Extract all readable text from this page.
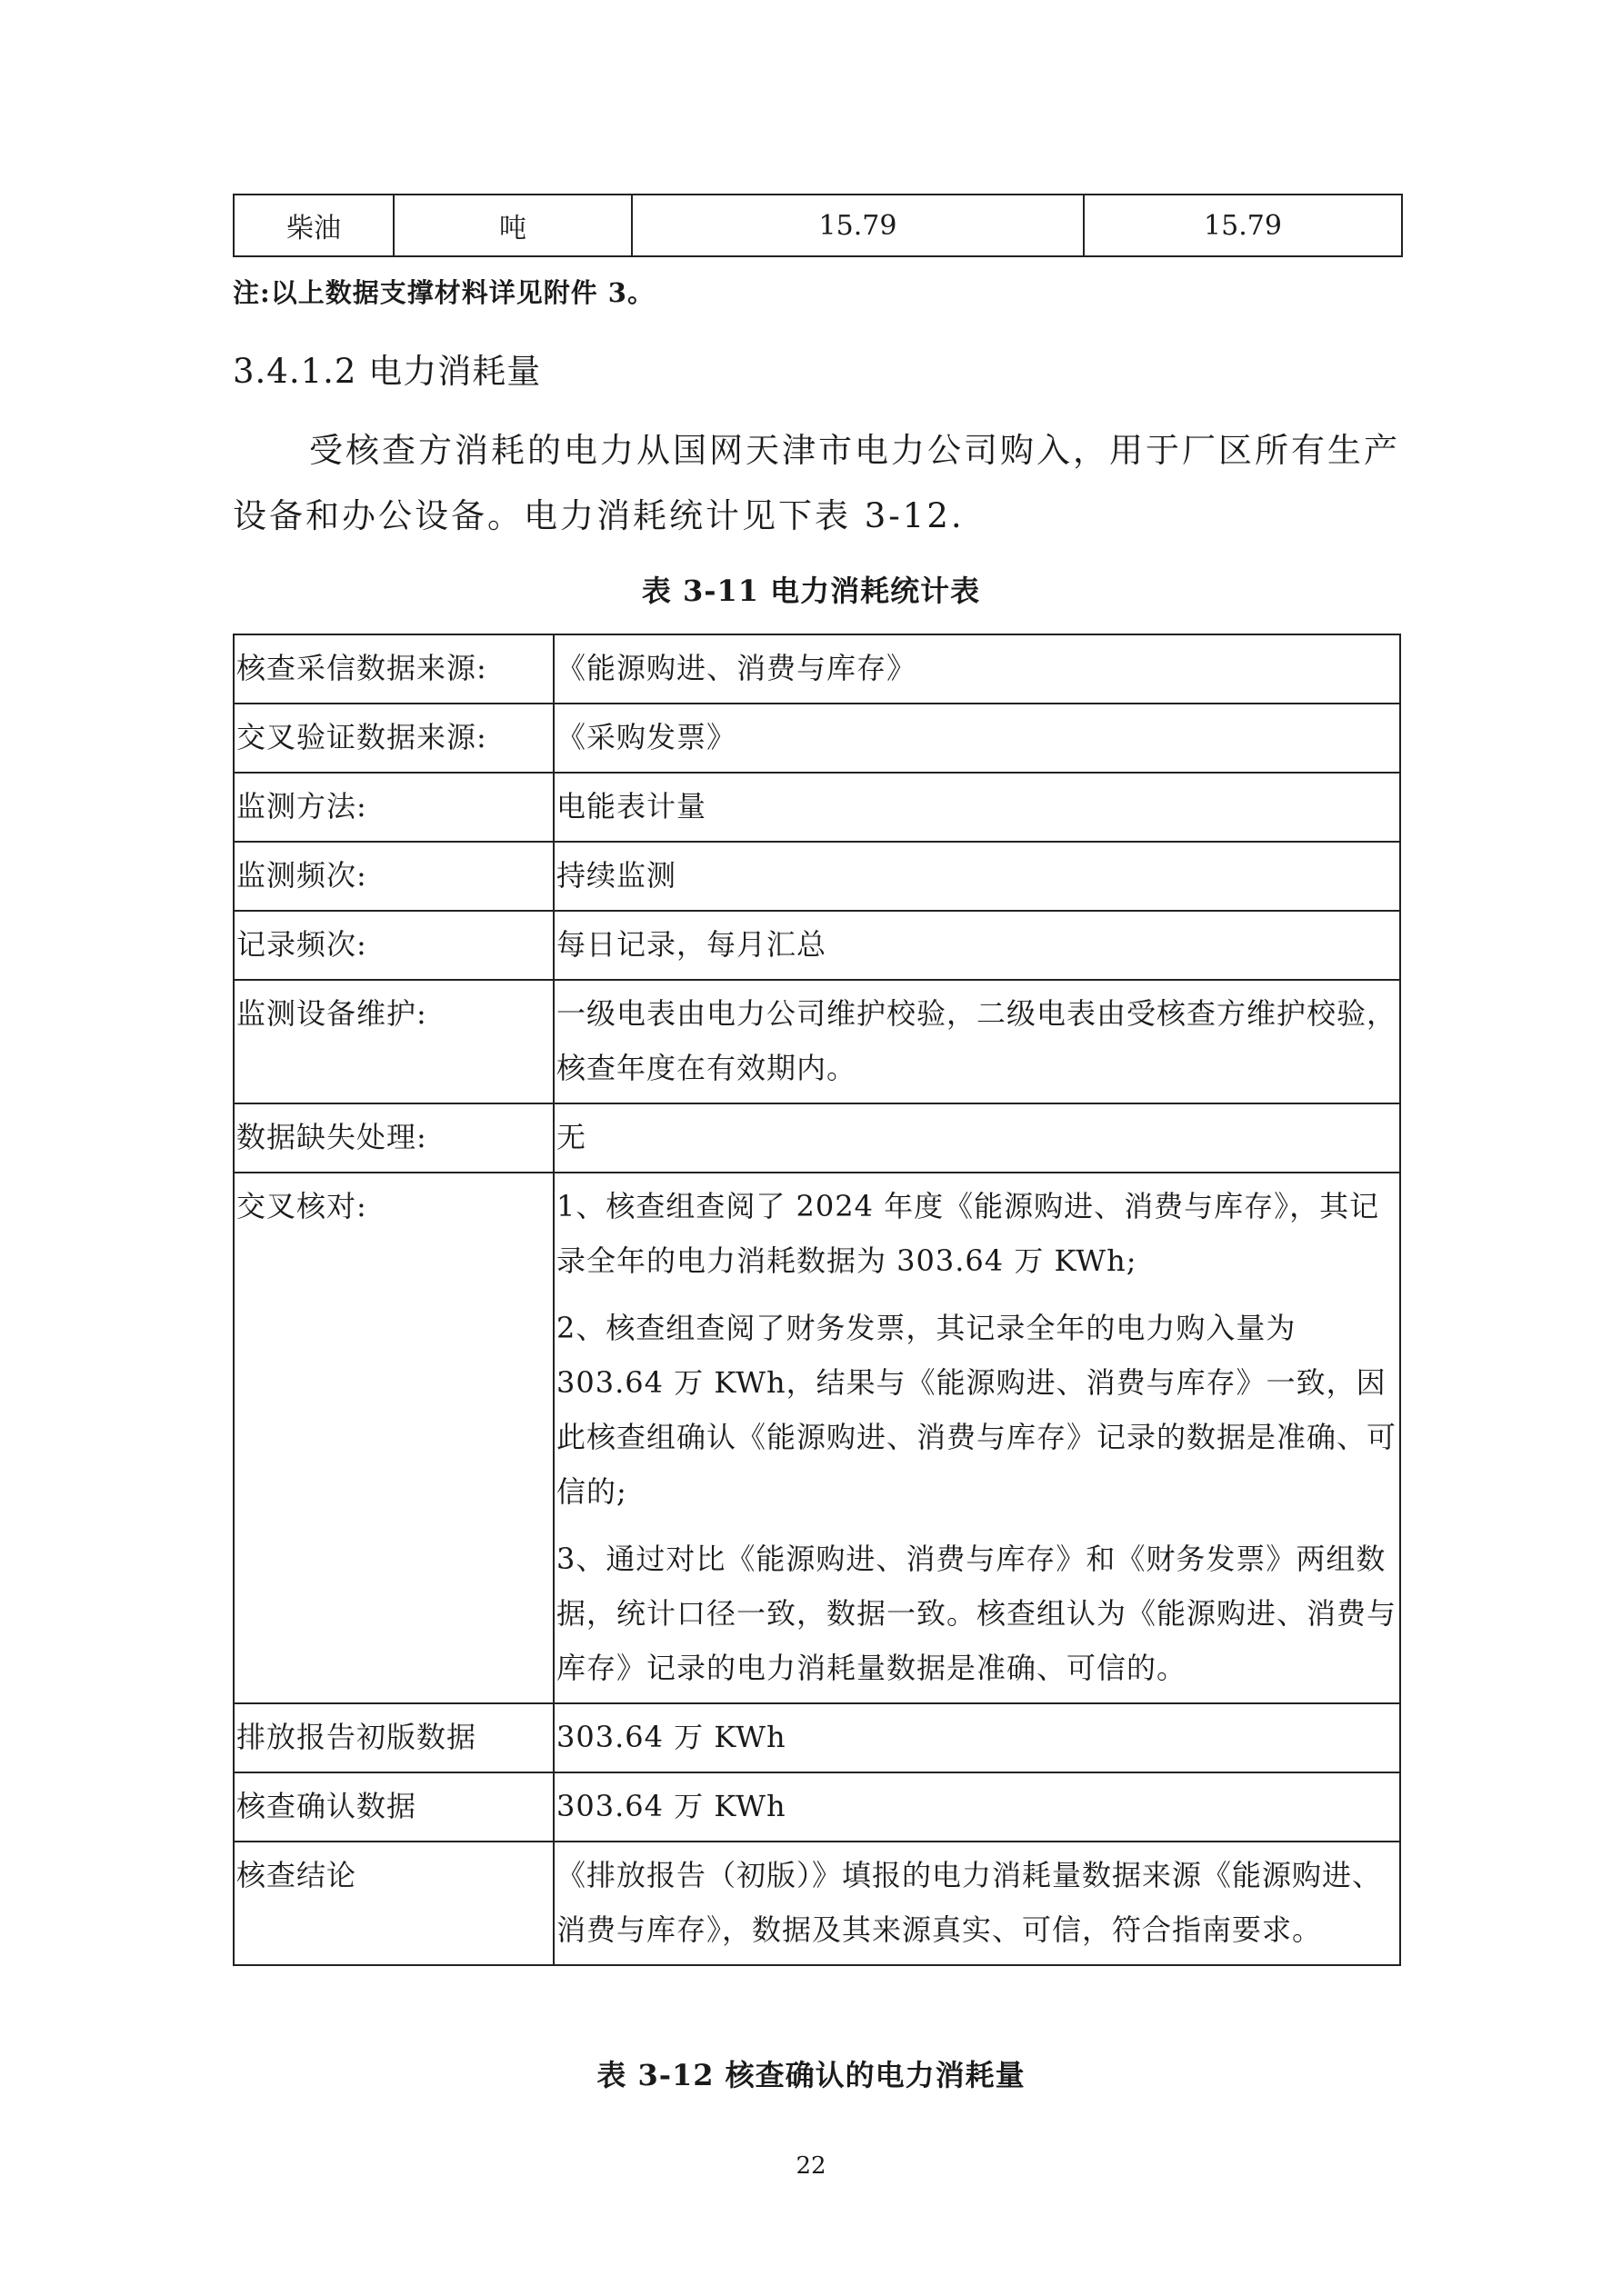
柴油	吨	15.79	15.79
注:以上数据支撑材料详见附件 3。
3.4.1.2 电力消耗量

受核查方消耗的电力从国网天津市电力公司购入，用于厂区所有生产设备和办公设备。电力消耗统计见下表 3-12.

表 3-11 电力消耗统计表
核查采信数据来源:	《能源购进、消费与库存》
交叉验证数据来源:	《采购发票》
监测方法:	电能表计量
监测频次:	持续监测
记录频次:	每日记录，每月汇总
监测设备维护:	一级电表由电力公司维护校验，二级电表由受核查方维护校验，核查年度在有效期内。
数据缺失处理:	无
交叉核对:	1、核查组查阅了 2024 年度《能源购进、消费与库存》，其记录全年的电力消耗数据为 303.64 万 KWh;

2、核查组查阅了财务发票，其记录全年的电力购入量为 303.64 万 KWh，结果与《能源购进、消费与库存》一致，因此核查组确认《能源购进、消费与库存》记录的数据是准确、可信的;

3、通过对比《能源购进、消费与库存》和《财务发票》两组数据，统计口径一致，数据一致。核查组认为《能源购进、消费与库存》记录的电力消耗量数据是准确、可信的。

排放报告初版数据	303.64 万 KWh
核查确认数据	303.64 万 KWh
核查结论	《排放报告（初版）》填报的电力消耗量数据来源《能源购进、消费与库存》，数据及其来源真实、可信，符合指南要求。
表 3-12 核查确认的电力消耗量
22
